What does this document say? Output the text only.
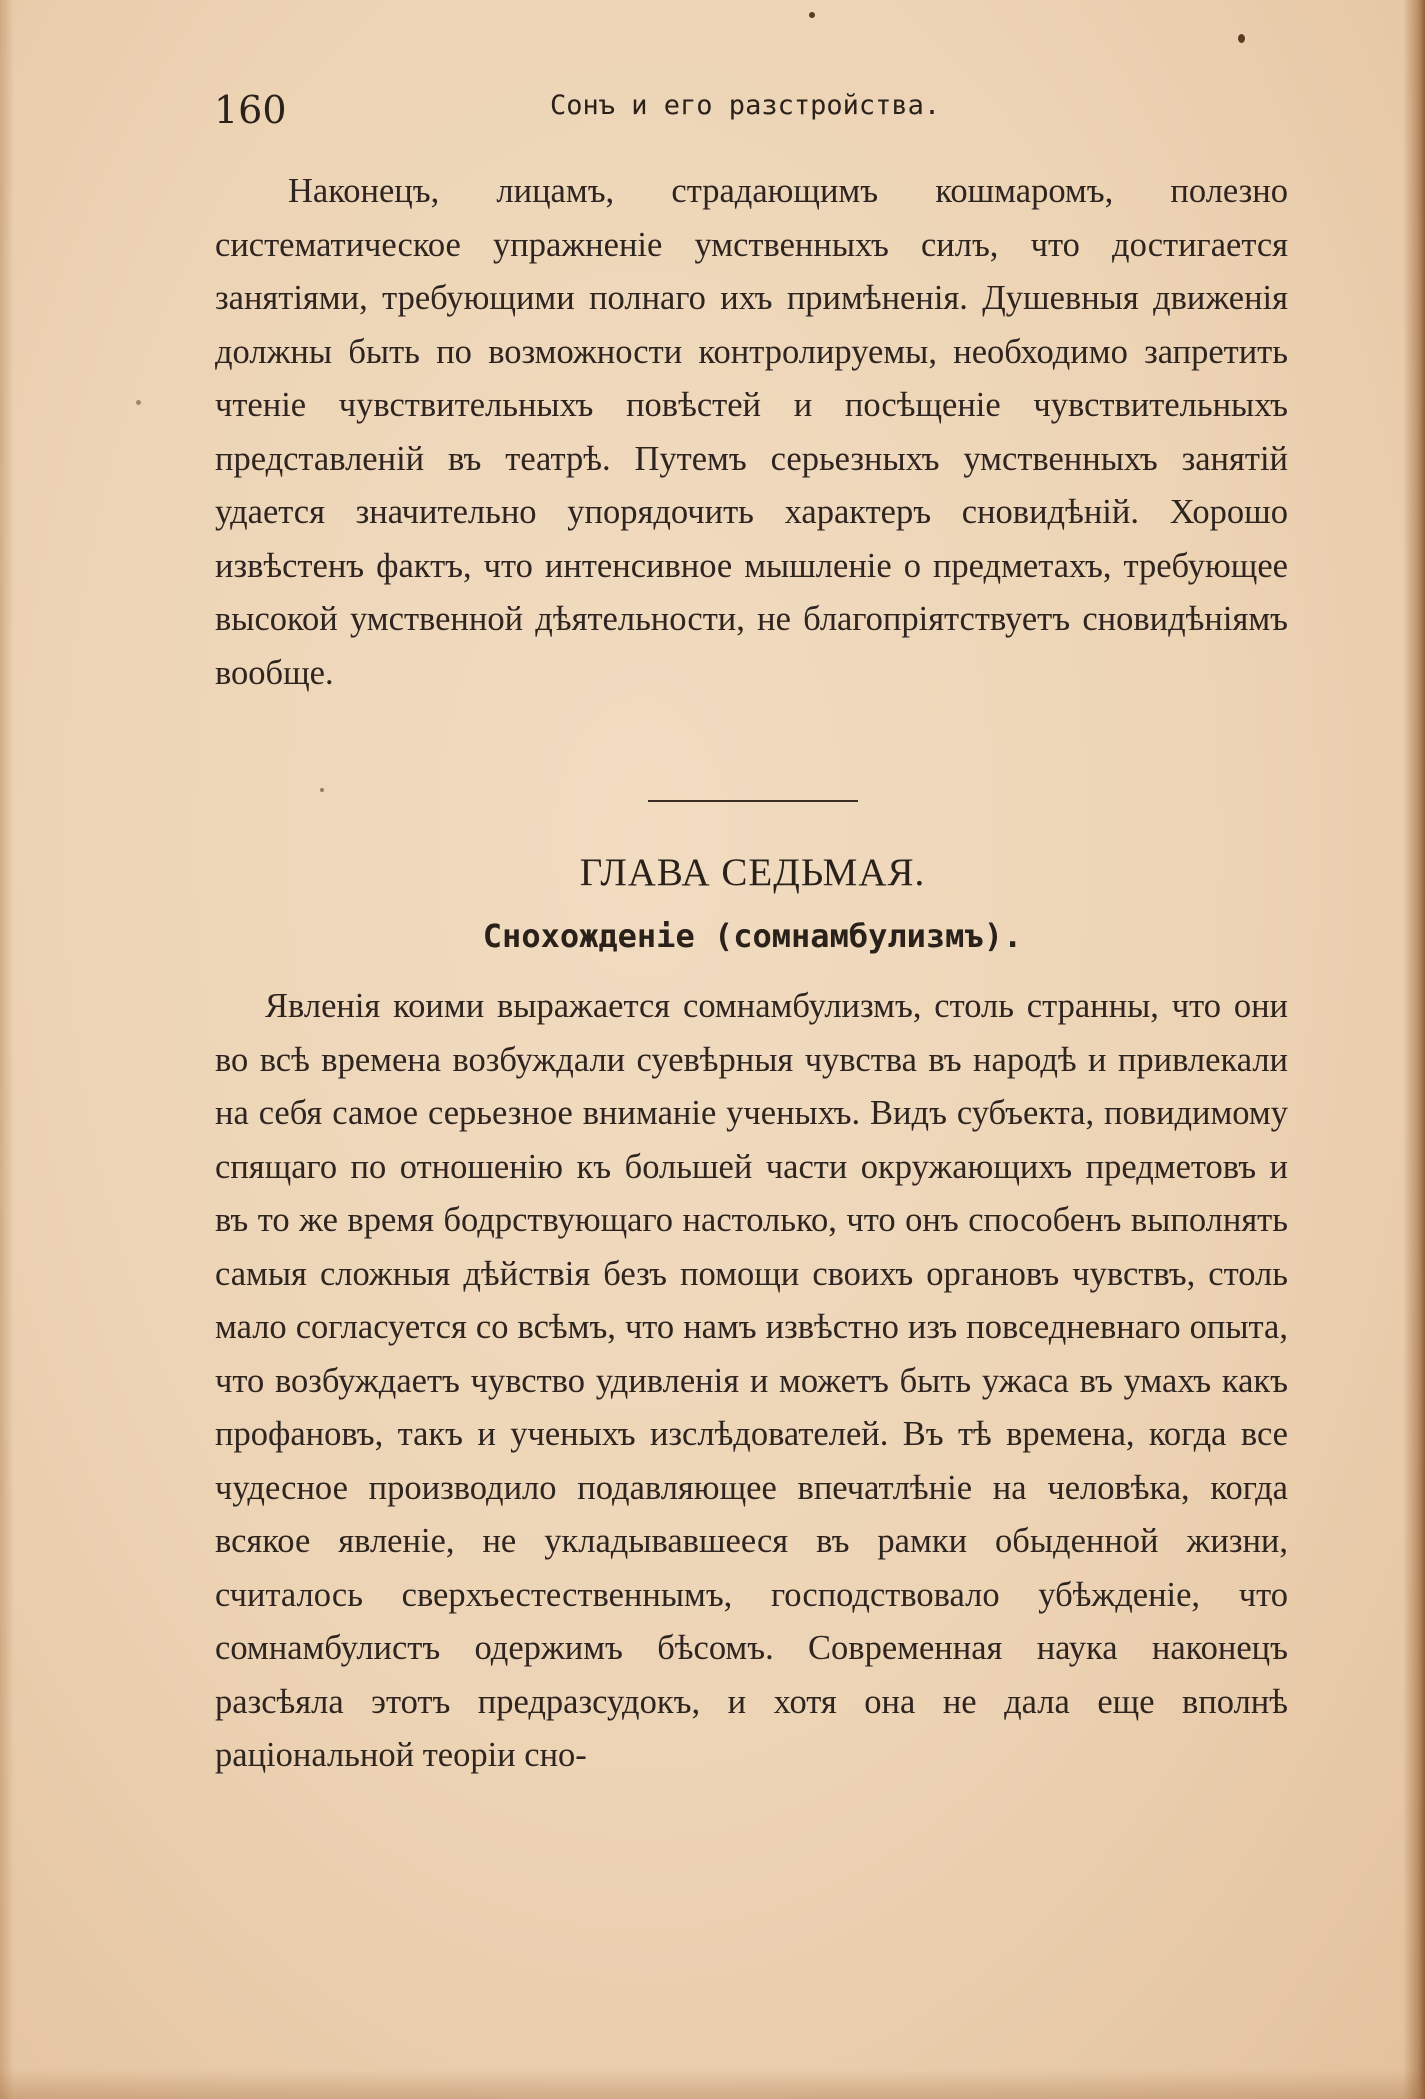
160	Сонъ и его разстройства.

Наконецъ, лицамъ, страдающимъ кошмаромъ, полезно систематическое упражненіе умственныхъ силъ, что достигается занятіями, требующими полнаго ихъ примѣненія. Душевныя движенія должны быть по возможности контролируемы, необходимо запретить чтеніе чувствительныхъ повѣстей и посѣщеніе чувствительныхъ представленій въ театрѣ. Путемъ серьезныхъ умственныхъ занятій удается значительно упорядочить характеръ сновидѣній. Хорошо извѣстенъ фактъ, что интенсивное мышленіе о предметахъ, требующее высокой умственной дѣятельности, не благопріятствуетъ сновидѣніямъ вообще.

ГЛАВА СЕДЬМАЯ.
Снохожденіе (сомнамбулизмъ).

Явленія коими выражается сомнамбулизмъ, столь странны, что они во всѣ времена возбуждали суевѣрныя чувства въ народѣ и привлекали на себя самое серьезное вниманіе ученыхъ. Видъ субъекта, повидимому спящаго по отношенію къ большей части окружающихъ предметовъ и въ то же время бодрствующаго настолько, что онъ способенъ выполнять самыя сложныя дѣйствія безъ помощи своихъ органовъ чувствъ, столь мало согласуется со всѣмъ, что намъ извѣстно изъ повседневнаго опыта, что возбуждаетъ чувство удивленія и можетъ быть ужаса въ умахъ какъ профановъ, такъ и ученыхъ изслѣдователей. Въ тѣ времена, когда все чудесное производило подавляющее впечатлѣніе на человѣка, когда всякое явленіе, не укладывавшееся въ рамки обыденной жизни, считалось сверхъестественнымъ, господствовало убѣжденіе, что сомнамбулистъ одержимъ бѣсомъ. Современная наука наконецъ разсѣяла этотъ предразсудокъ, и хотя она не дала еще вполнѣ раціональной теоріи сно-
